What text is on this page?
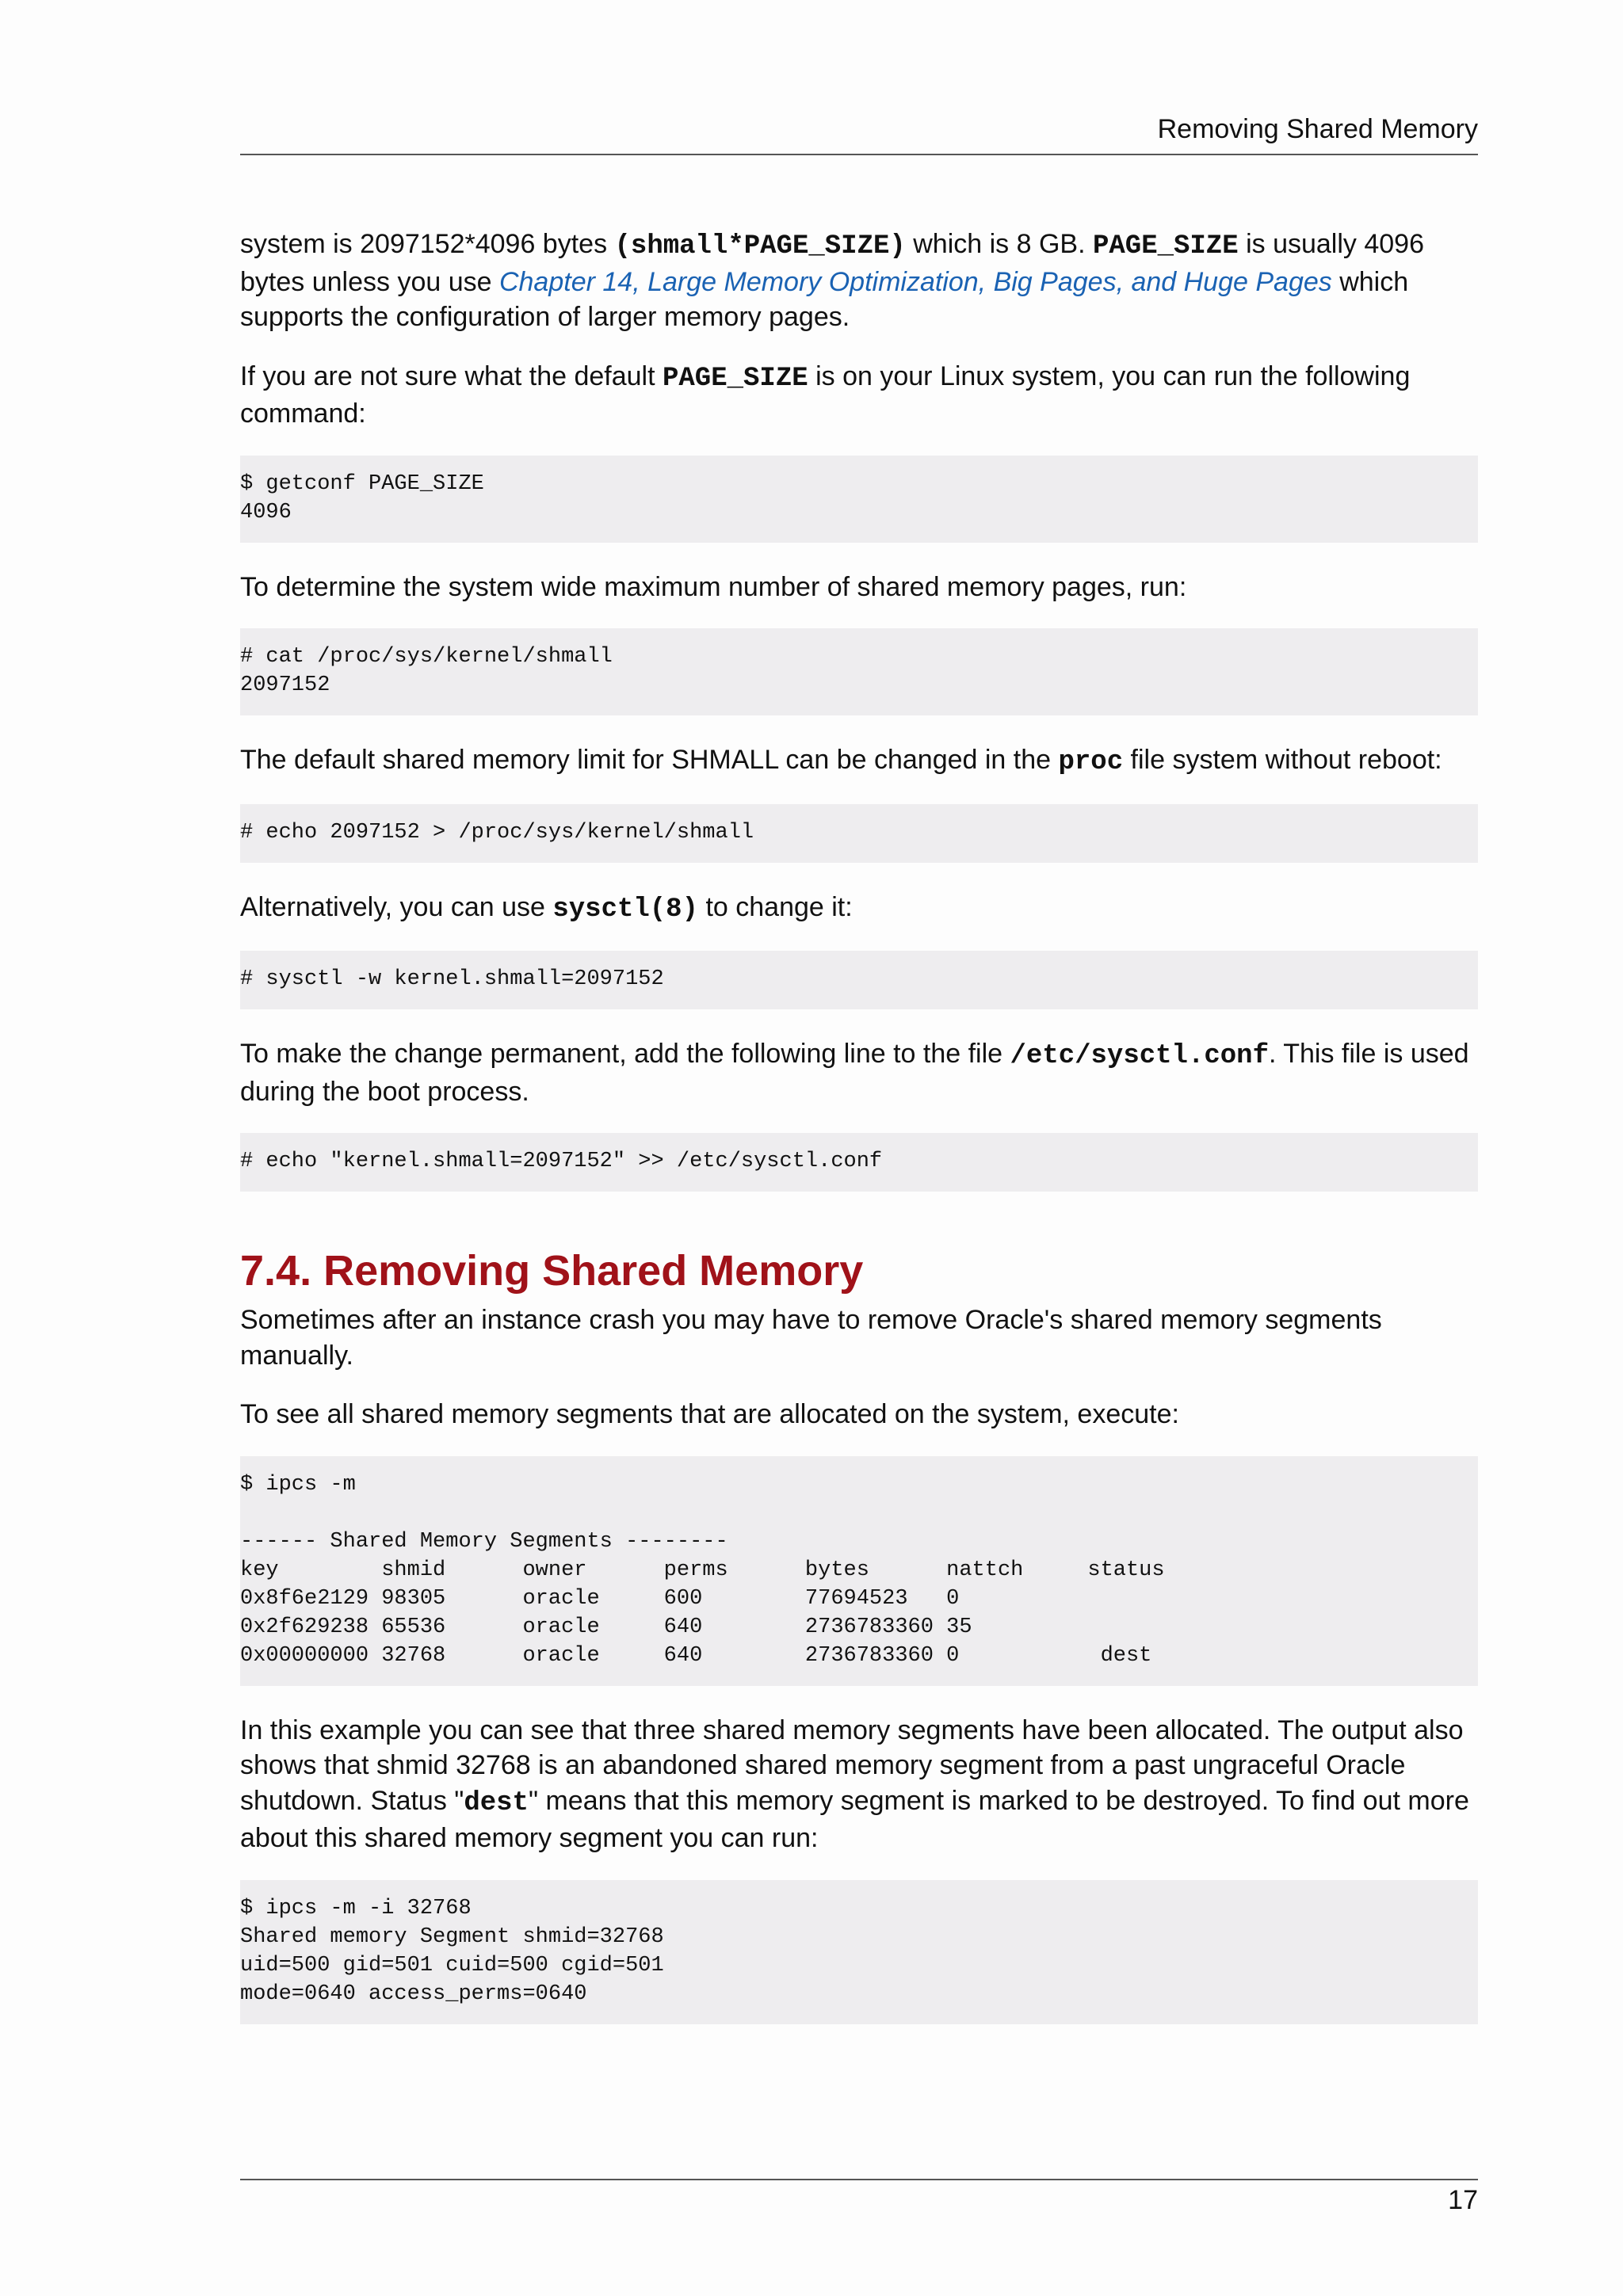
Removing Shared Memory

system is 2097152*4096 bytes (shmall*PAGE_SIZE) which is 8 GB. PAGE_SIZE is usually 4096 bytes unless you use Chapter 14, Large Memory Optimization, Big Pages, and Huge Pages which supports the configuration of larger memory pages.

If you are not sure what the default PAGE_SIZE is on your Linux system, you can run the following command:

$ getconf PAGE_SIZE
4096

To determine the system wide maximum number of shared memory pages, run:

# cat /proc/sys/kernel/shmall
2097152

The default shared memory limit for SHMALL can be changed in the proc file system without reboot:

# echo 2097152 > /proc/sys/kernel/shmall

Alternatively, you can use sysctl(8) to change it:

# sysctl -w kernel.shmall=2097152

To make the change permanent, add the following line to the file /etc/sysctl.conf. This file is used during the boot process.

# echo "kernel.shmall=2097152" >> /etc/sysctl.conf
7.4. Removing Shared Memory

Sometimes after an instance crash you may have to remove Oracle's shared memory segments manually.

To see all shared memory segments that are allocated on the system, execute:

$ ipcs -m

------ Shared Memory Segments --------
key        shmid      owner      perms      bytes      nattch     status
0x8f6e2129 98305      oracle     600        77694523   0
0x2f629238 65536      oracle     640        2736783360 35
0x00000000 32768      oracle     640        2736783360 0           dest

In this example you can see that three shared memory segments have been allocated. The output also shows that shmid 32768 is an abandoned shared memory segment from a past ungraceful Oracle shutdown. Status "dest" means that this memory segment is marked to be destroyed. To find out more about this shared memory segment you can run:

$ ipcs -m -i 32768
Shared memory Segment shmid=32768
uid=500 gid=501 cuid=500 cgid=501
mode=0640 access_perms=0640
17
